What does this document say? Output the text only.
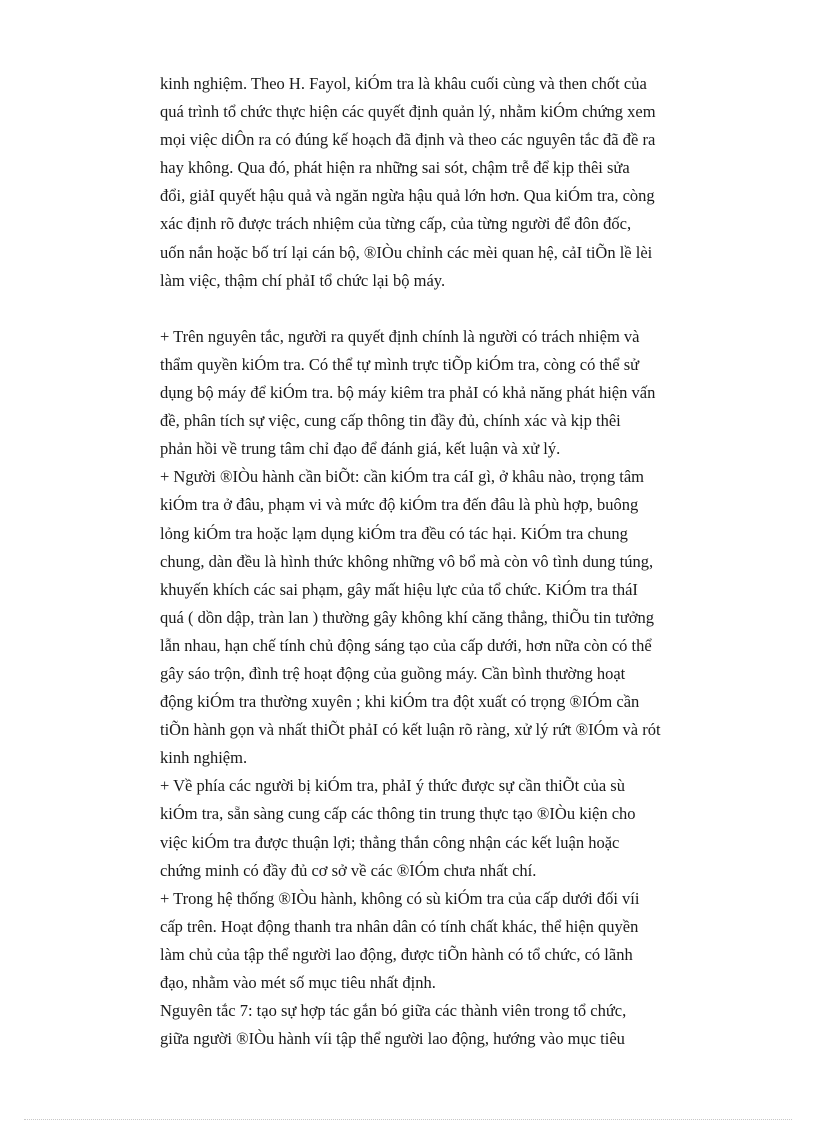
kinh nghiệm. Theo H. Fayol, kiÓm tra là khâu cuối cùng và then chốt của
quá trình tổ chức thực hiện các quyết định quản lý, nhằm kiÓm chứng xem
mọi việc diÔn ra có đúng kế hoạch đã định và theo các nguyên tắc đã đề ra
hay không. Qua đó, phát hiện ra những sai sót, chậm trễ để kịp thêi sửa
đổi, giảI quyết hậu quả và ngăn ngừa hậu quả lớn hơn. Qua kiÓm tra, còng
xác định rõ được trách nhiệm của từng cấp, của từng người để đôn đốc,
uốn nắn hoặc bố trí lại cán bộ, ®IÒu chỉnh các mèi quan hệ, cảI tiÕn lề lèi
làm việc, thậm chí phảI tổ chức lại bộ máy.

+ Trên nguyên tắc, người ra quyết định chính là người có trách nhiệm và
thẩm quyền kiÓm tra. Có thể tự mình trực tiÕp kiÓm tra, còng có thể sử
dụng bộ máy để kiÓm tra. bộ máy kiêm tra phảI có khả năng phát hiện vấn
đề, phân tích sự việc, cung cấp thông tin đầy đủ, chính xác và kịp thêi
phản hồi về trung tâm chỉ đạo để đánh giá, kết luận và xử lý.

+ Người ®IÒu hành cần biÕt: cần kiÓm tra cáI gì, ở khâu nào, trọng tâm
kiÓm tra ở đâu, phạm vi và mức độ kiÓm tra đến đâu là phù hợp, buông
lỏng kiÓm tra hoặc lạm dụng kiÓm tra đều có tác hại. KiÓm tra chung
chung, dàn đều là hình thức không những vô bổ mà còn vô tình dung túng,
khuyến khích các sai phạm, gây mất hiệu lực của tổ chức. KiÓm tra tháI
quá ( dồn dập, tràn lan ) thường gây không khí căng thẳng, thiÕu tin tưởng
lẫn nhau, hạn chế tính chủ động sáng tạo của cấp dưới, hơn nữa còn có thể
gây sáo trộn, đình trệ hoạt động của guồng máy. Cần bình thường hoạt
động kiÓm tra thường xuyên ; khi kiÓm tra đột xuất có trọng ®IÓm cần
tiÕn hành gọn và nhất thiÕt phảI có kết luận rõ ràng, xử lý rứt ®IÓm và rót
kinh nghiệm.

+ Về phía các người bị kiÓm tra, phảI ý thức được sự cần thiÕt của sù
kiÓm tra, sẵn sàng cung cấp các thông tin trung thực tạo ®IÒu kiện cho
việc kiÓm tra được thuận lợi; thẳng thắn công nhận các kết luận hoặc
chứng minh có đầy đủ cơ sở về các ®IÓm chưa nhất chí.

+ Trong hệ thống ®IÒu hành, không có sù kiÓm tra của cấp dưới đối víi
cấp trên. Hoạt động thanh tra nhân dân có tính chất khác, thể hiện quyền
làm chủ của tập thể người lao động, được tiÕn hành có tổ chức, có lãnh
đạo, nhằm vào mét số mục tiêu nhất định.

Nguyên tắc 7: tạo sự hợp tác gắn bó giữa các thành viên trong tổ chức,
giữa người ®IÒu hành víi tập thể người lao động, hướng vào mục tiêu
